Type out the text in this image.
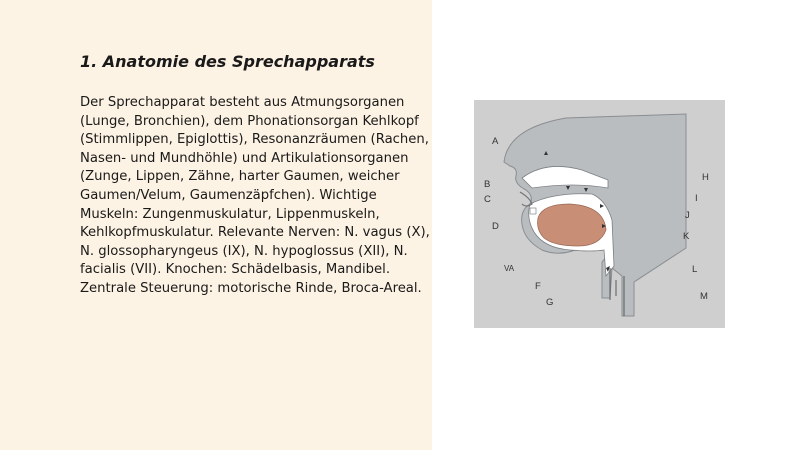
1. Anatomie des Sprechapparats

Der Sprechapparat besteht aus Atmungsorganen (Lunge, Bronchien), dem Phonationsorgan Kehlkopf (Stimmlippen, Epiglottis), Resonanzräumen (Rachen, Nasen- und Mundhöhle) und Artikulationsorganen (Zunge, Lippen, Zähne, harter Gaumen, weicher Gaumen/Velum, Gaumenzäpfchen). Wichtige Muskeln: Zungenmuskulatur, Lippenmuskeln, Kehlkopfmuskulatur. Relevante Nerven: N. vagus (X), N. glossopharyngeus (IX), N. hypoglossus (XII), N. facialis (VII). Knochen: Schädelbasis, Mandibel. Zentrale Steuerung: motorische Rinde, Broca-Areal.

A
B
C
D
VA
F
G
H
I
J
K
L
M
